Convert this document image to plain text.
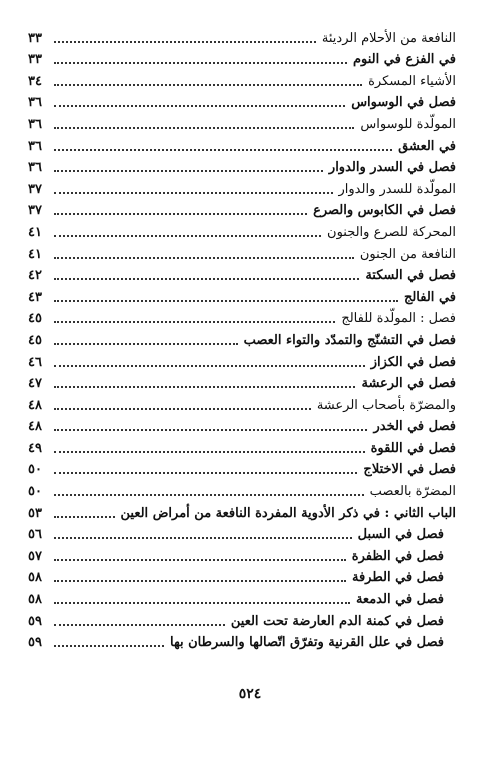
النافعة من الأحلام الرديئة
٣٣
في الفزع في النوم
٣٣
الأشياء المسكرة
٣٤
فصل في الوسواس
٣٦
المولّدة للوسواس
٣٦
في العشق
٣٦
فصل في السدر والدوار
٣٦
المولّدة للسدر والدوار
٣٧
فصل في الكابوس والصرع
٣٧
المحركة للصرع والجنون
٤١
النافعة من الجنون
٤١
فصل في السكتة
٤٢
في الفالج
٤٣
فصل : المولّدة للفالج
٤٥
فصل في التشنّج والتمدّد والتواء العصب
٤٥
فصل في الكزاز
٤٦
فصل في الرعشة
٤٧
والمضرّة بأصحاب الرعشة
٤٨
فصل في الخدر
٤٨
فصل في اللقوة
٤٩
فصل في الاختلاج
٥٠
المضرّة بالعصب
٥٠
الباب الثاني : في ذكر الأدوية المفردة النافعة من أمراض العين
٥٣
فصل في السبل
٥٦
فصل في الظفرة
٥٧
فصل في الطرفة
٥٨
فصل في الدمعة
٥٨
فصل في كمنة الدم العارضة تحت العين
٥٩
فصل في علل القرنية وتفرّق اتّصالها والسرطان بها
٥٩
٥٢٤
